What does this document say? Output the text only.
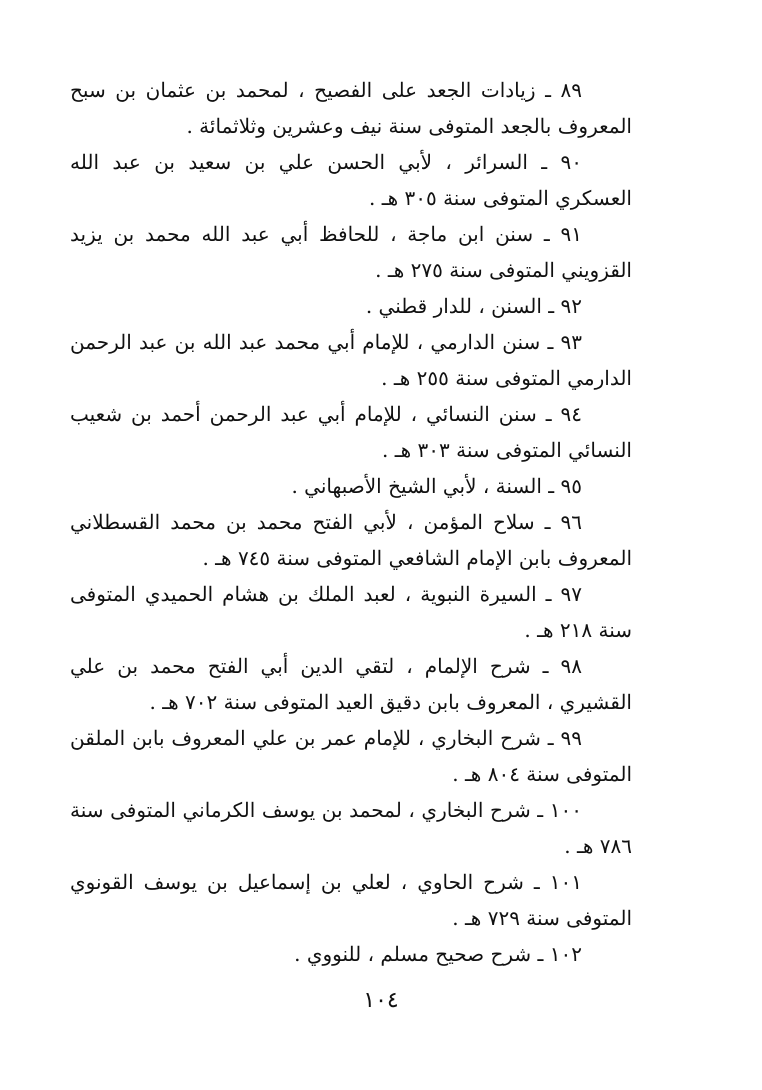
٨٩ ـ زيادات الجعد على الفصيح ، لمحمد بن عثمان بن سبح المعروف بالجعد المتوفى سنة نيف وعشرين وثلاثمائة .

٩٠ ـ السرائر ، لأبي الحسن علي بن سعيد بن عبد الله العسكري المتوفى سنة ٣٠٥ هـ .

٩١ ـ سنن ابن ماجة ، للحافظ أبي عبد الله محمد بن يزيد القزويني المتوفى سنة ٢٧٥ هـ .

٩٢ ـ السنن ، للدار قطني .

٩٣ ـ سنن الدارمي ، للإمام أبي محمد عبد الله بن عبد الرحمن الدارمي المتوفى سنة ٢٥٥ هـ .

٩٤ ـ سنن النسائي ، للإمام أبي عبد الرحمن أحمد بن شعيب النسائي المتوفى سنة ٣٠٣ هـ .

٩٥ ـ السنة ، لأبي الشيخ الأصبهاني .

٩٦ ـ سلاح المؤمن ، لأبي الفتح محمد بن محمد القسطلاني المعروف بابن الإمام الشافعي المتوفى سنة ٧٤٥ هـ .

٩٧ ـ السيرة النبوية ، لعبد الملك بن هشام الحميدي المتوفى سنة ٢١٨ هـ .

٩٨ ـ شرح الإلمام ، لتقي الدين أبي الفتح محمد بن علي القشيري ، المعروف بابن دقيق العيد المتوفى سنة ٧٠٢ هـ .

٩٩ ـ شرح البخاري ، للإمام عمر بن علي المعروف بابن الملقن المتوفى سنة ٨٠٤ هـ .

١٠٠ ـ شرح البخاري ، لمحمد بن يوسف الكرماني المتوفى سنة ٧٨٦ هـ .

١٠١ ـ شرح الحاوي ، لعلي بن إسماعيل بن يوسف القونوي المتوفى سنة ٧٢٩ هـ .

١٠٢ ـ شرح صحيح مسلم ، للنووي .

١٠٤
